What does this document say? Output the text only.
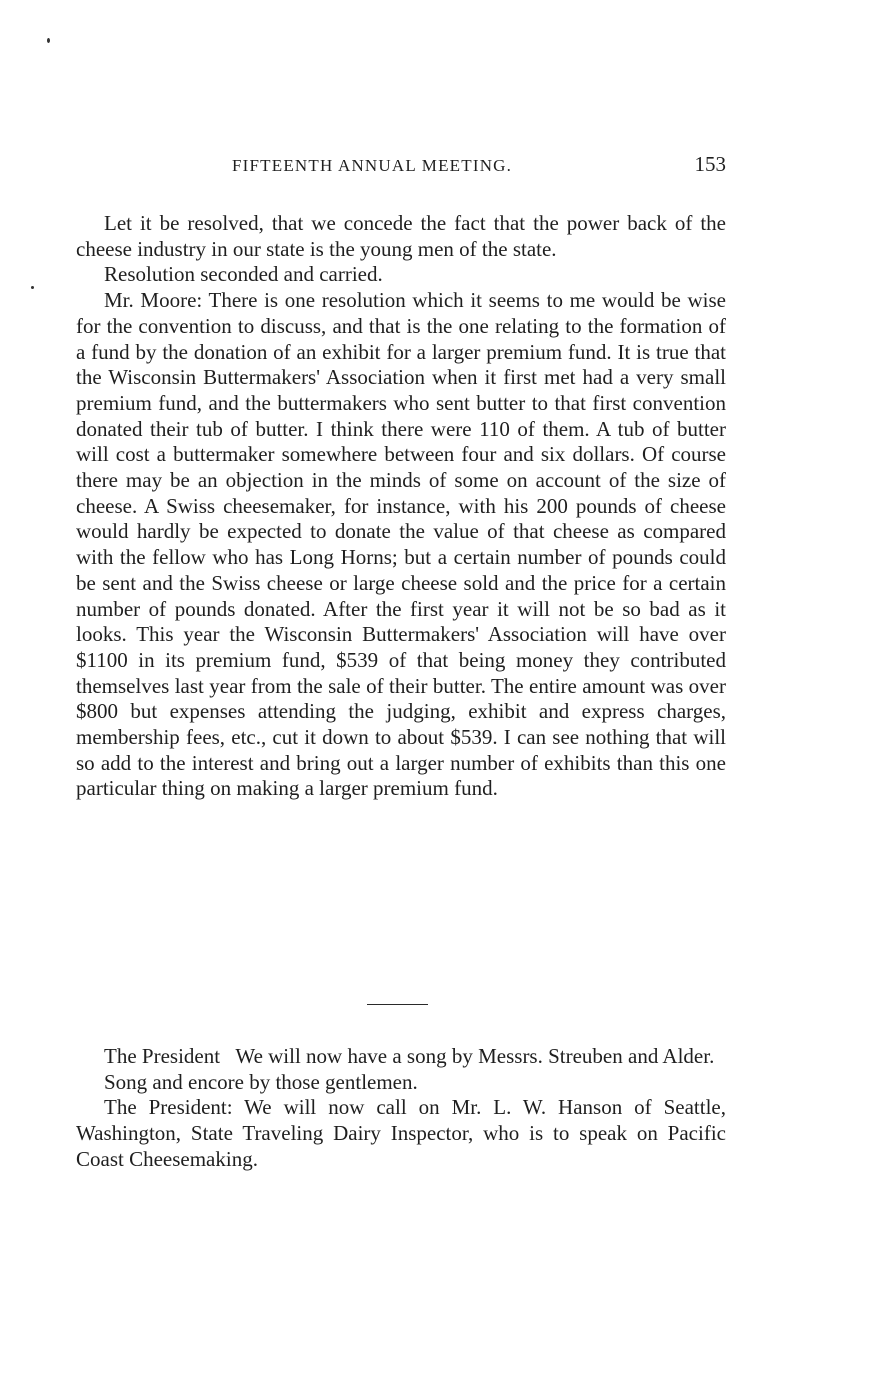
FIFTEENTH ANNUAL MEETING.	153

Let it be resolved, that we concede the fact that the power back of the cheese industry in our state is the young men of the state.

Resolution seconded and carried.

Mr. Moore: There is one resolution which it seems to me would be wise for the convention to discuss, and that is the one relating to the formation of a fund by the donation of an exhibit for a larger premium fund. It is true that the Wisconsin Buttermakers' Association when it first met had a very small premium fund, and the buttermakers who sent butter to that first convention donated their tub of butter. I think there were 110 of them. A tub of butter will cost a buttermaker somewhere between four and six dollars. Of course there may be an objection in the minds of some on account of the size of cheese. A Swiss cheesemaker, for instance, with his 200 pounds of cheese would hardly be expected to donate the value of that cheese as compared with the fellow who has Long Horns; but a certain number of pounds could be sent and the Swiss cheese or large cheese sold and the price for a certain number of pounds donated. After the first year it will not be so bad as it looks. This year the Wisconsin Buttermakers' Association will have over $1100 in its premium fund, $539 of that being money they contributed themselves last year from the sale of their butter. The entire amount was over $800 but expenses attending the judging, exhibit and express charges, membership fees, etc., cut it down to about $539. I can see nothing that will so add to the interest and bring out a larger number of exhibits than this one particular thing on making a larger premium fund.

The President   We will now have a song by Messrs. Streuben and Alder.

Song and encore by those gentlemen.

The President: We will now call on Mr. L. W. Hanson of Seattle, Washington, State Traveling Dairy Inspector, who is to speak on Pacific Coast Cheesemaking.
